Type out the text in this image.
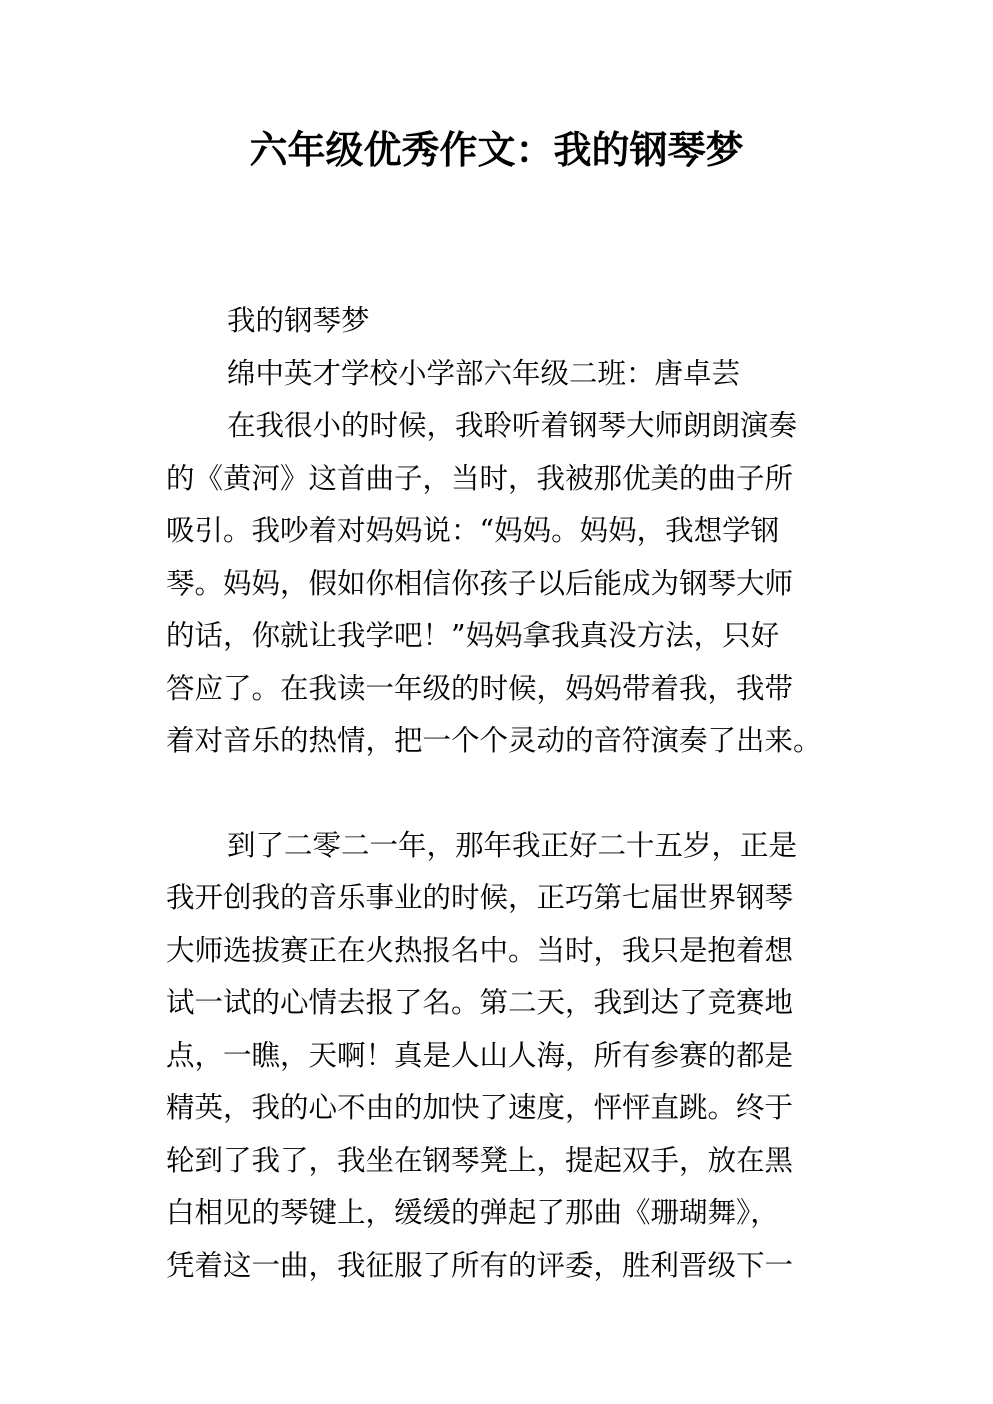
六年级优秀作文：我的钢琴梦
我的钢琴梦
绵中英才学校小学部六年级二班：唐卓芸
在我很小的时候，我聆听着钢琴大师朗朗演奏
的《黄河》这首曲子，当时，我被那优美的曲子所
吸引。我吵着对妈妈说：“妈妈。妈妈，我想学钢
琴。妈妈，假如你相信你孩子以后能成为钢琴大师
的话，你就让我学吧！”妈妈拿我真没方法，只好
答应了。在我读一年级的时候，妈妈带着我，我带
着对音乐的热情，把一个个灵动的音符演奏了出来。
到了二零二一年，那年我正好二十五岁，正是
我开创我的音乐事业的时候，正巧第七届世界钢琴
大师选拔赛正在火热报名中。当时，我只是抱着想
试一试的心情去报了名。第二天，我到达了竞赛地
点，一瞧，天啊！真是人山人海，所有参赛的都是
精英，我的心不由的加快了速度，怦怦直跳。终于
轮到了我了，我坐在钢琴凳上，提起双手，放在黑
白相见的琴键上，缓缓的弹起了那曲《珊瑚舞》，
凭着这一曲，我征服了所有的评委，胜利晋级下一
